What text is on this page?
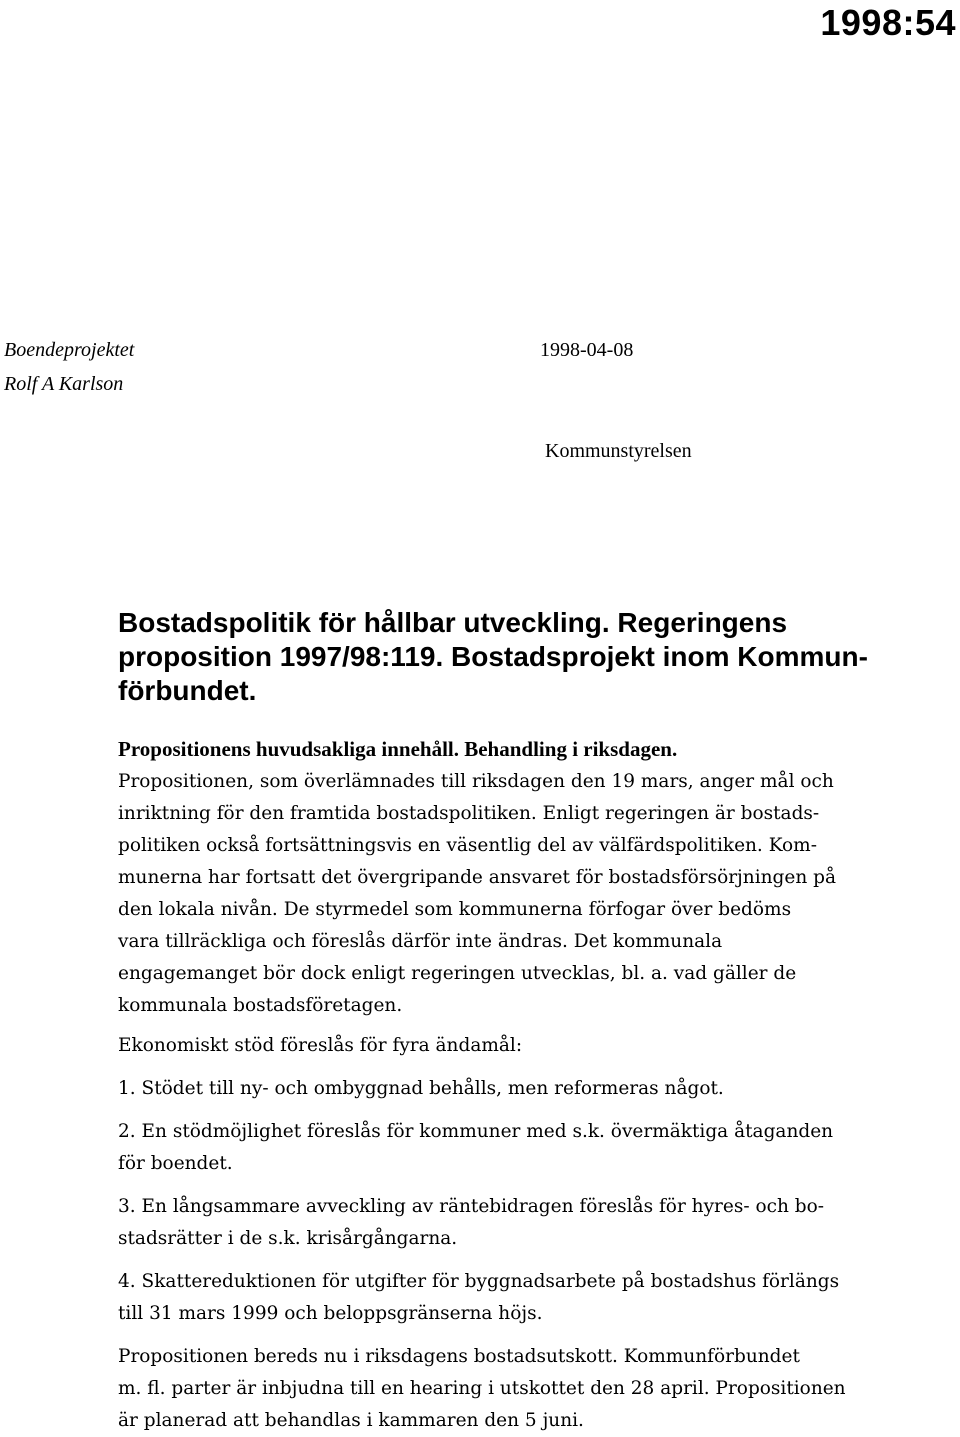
1998:54
Boendeprojektet
Rolf A Karlson
1998-04-08
Kommunstyrelsen
Bostadspolitik för hållbar utveckling. Regeringens
proposition 1997/98:119. Bostadsprojekt inom Kommun-
förbundet.
Propositionens huvudsakliga innehåll. Behandling i riksdagen.

Propositionen, som överlämnades till riksdagen den 19 mars, anger mål och
inriktning för den framtida bostadspolitiken. Enligt regeringen är bostads-
politiken också fortsättningsvis en väsentlig del av välfärdspolitiken. Kom-
munerna har fortsatt det övergripande ansvaret för bostadsförsörjningen på
den lokala nivån. De styrmedel som kommunerna förfogar över bedöms
vara tillräckliga och föreslås därför inte ändras. Det kommunala
engagemanget bör dock enligt regeringen utvecklas, bl. a. vad gäller de
kommunala bostadsföretagen.

Ekonomiskt stöd föreslås för fyra ändamål:

1. Stödet till ny- och ombyggnad behålls, men reformeras något.

2. En stödmöjlighet föreslås för kommuner med s.k. övermäktiga åtaganden
för boendet.

3. En långsammare avveckling av räntebidragen föreslås för hyres- och bo-
stadsrätter i de s.k. krisårgångarna.

4. Skattereduktionen för utgifter för byggnadsarbete på bostadshus förlängs
till 31 mars 1999 och beloppsgränserna höjs.

Propositionen bereds nu i riksdagens bostadsutskott. Kommunförbundet
m. fl. parter är inbjudna till en hearing i utskottet den 28 april. Propositionen
är planerad att behandlas i kammaren den 5 juni.
